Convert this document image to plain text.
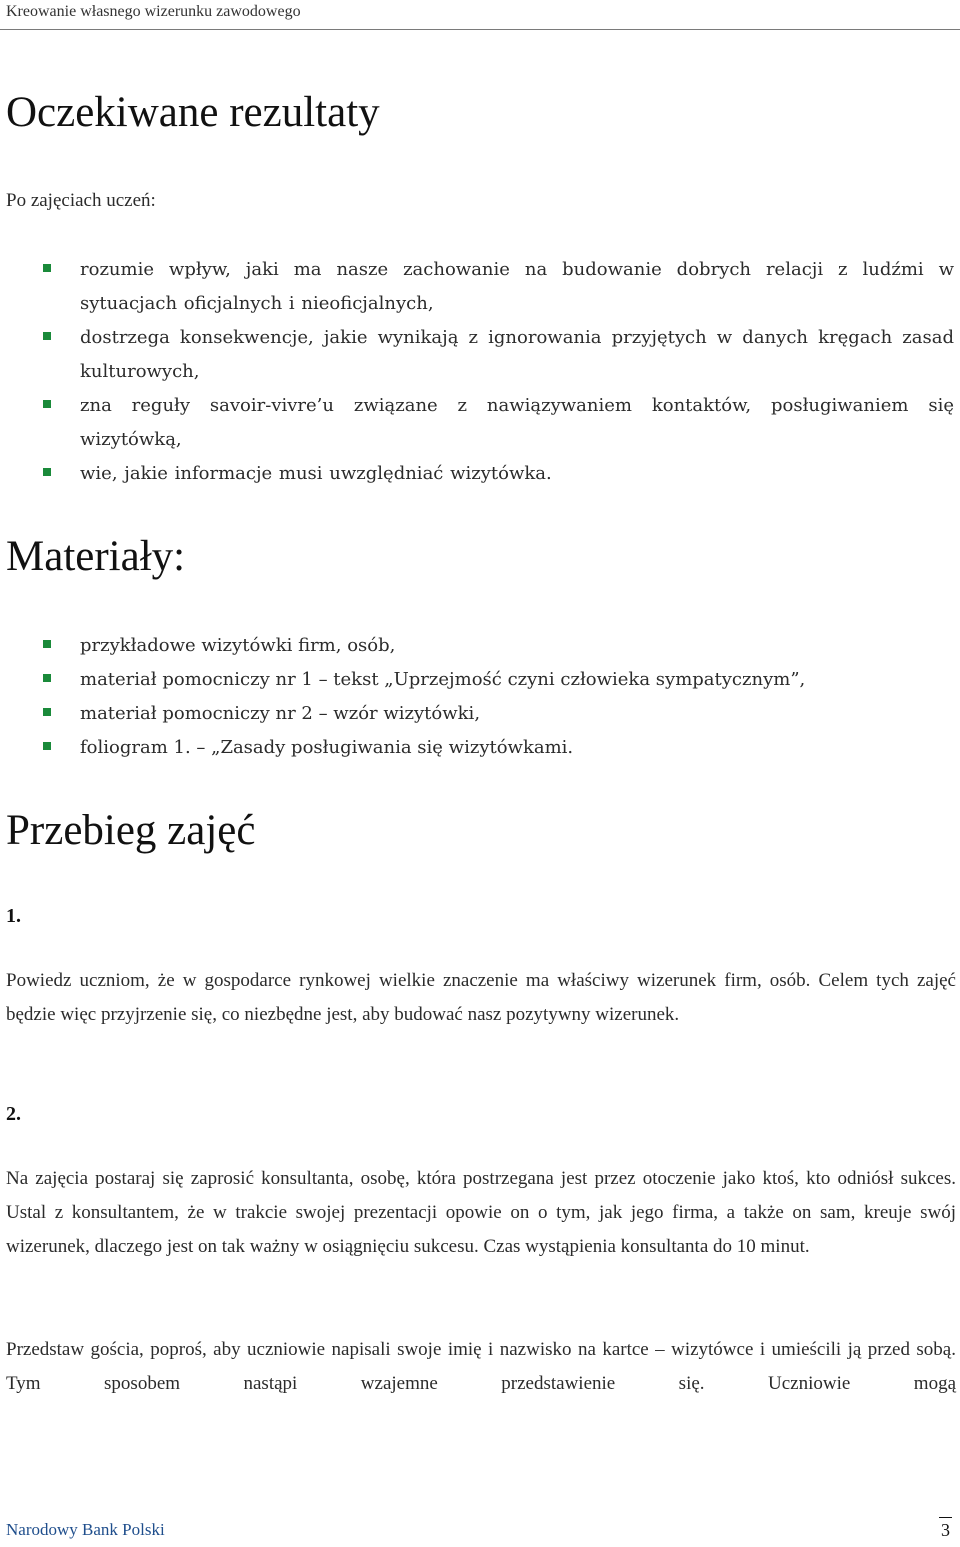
Kreowanie własnego wizerunku zawodowego
Oczekiwane rezultaty
Po zajęciach uczeń:
rozumie wpływ, jaki ma nasze zachowanie na budowanie dobrych relacji z ludźmi w sytuacjach oficjalnych i nieoficjalnych,
dostrzega konsekwencje, jakie wynikają z ignorowania przyjętych w danych kręgach zasad kulturowych,
zna reguły savoir-vivre’u związane z nawiązywaniem kontaktów, posługiwaniem się wizytówką,
wie, jakie informacje musi uwzględniać wizytówka.
Materiały:
przykładowe wizytówki firm, osób,
materiał pomocniczy nr 1 – tekst „Uprzejmość czyni człowieka sympatycznym”,
materiał pomocniczy nr 2 – wzór wizytówki,
foliogram 1. – „Zasady posługiwania się wizytówkami.
Przebieg zajęć
1.

Powiedz uczniom, że w gospodarce rynkowej wielkie znaczenie ma właściwy wizerunek firm, osób. Celem tych zajęć będzie więc przyjrzenie się, co niezbędne jest, aby budować nasz pozytywny wizerunek.

2.

Na zajęcia postaraj się zaprosić konsultanta, osobę, która postrzegana jest przez otoczenie jako ktoś, kto odniósł sukces. Ustal z konsultantem, że w trakcie swojej prezentacji opowie on o tym, jak jego firma, a także on sam, kreuje swój wizerunek, dlaczego jest on tak ważny w osiągnięciu sukcesu. Czas wystąpienia konsultanta do 10 minut.

Przedstaw gościa, poproś, aby uczniowie napisali swoje imię i nazwisko na kartce – wizytówce i umieścili ją przed sobą. Tym sposobem nastąpi wzajemne przedstawienie się. Uczniowie mogą

Narodowy Bank Polski	3
